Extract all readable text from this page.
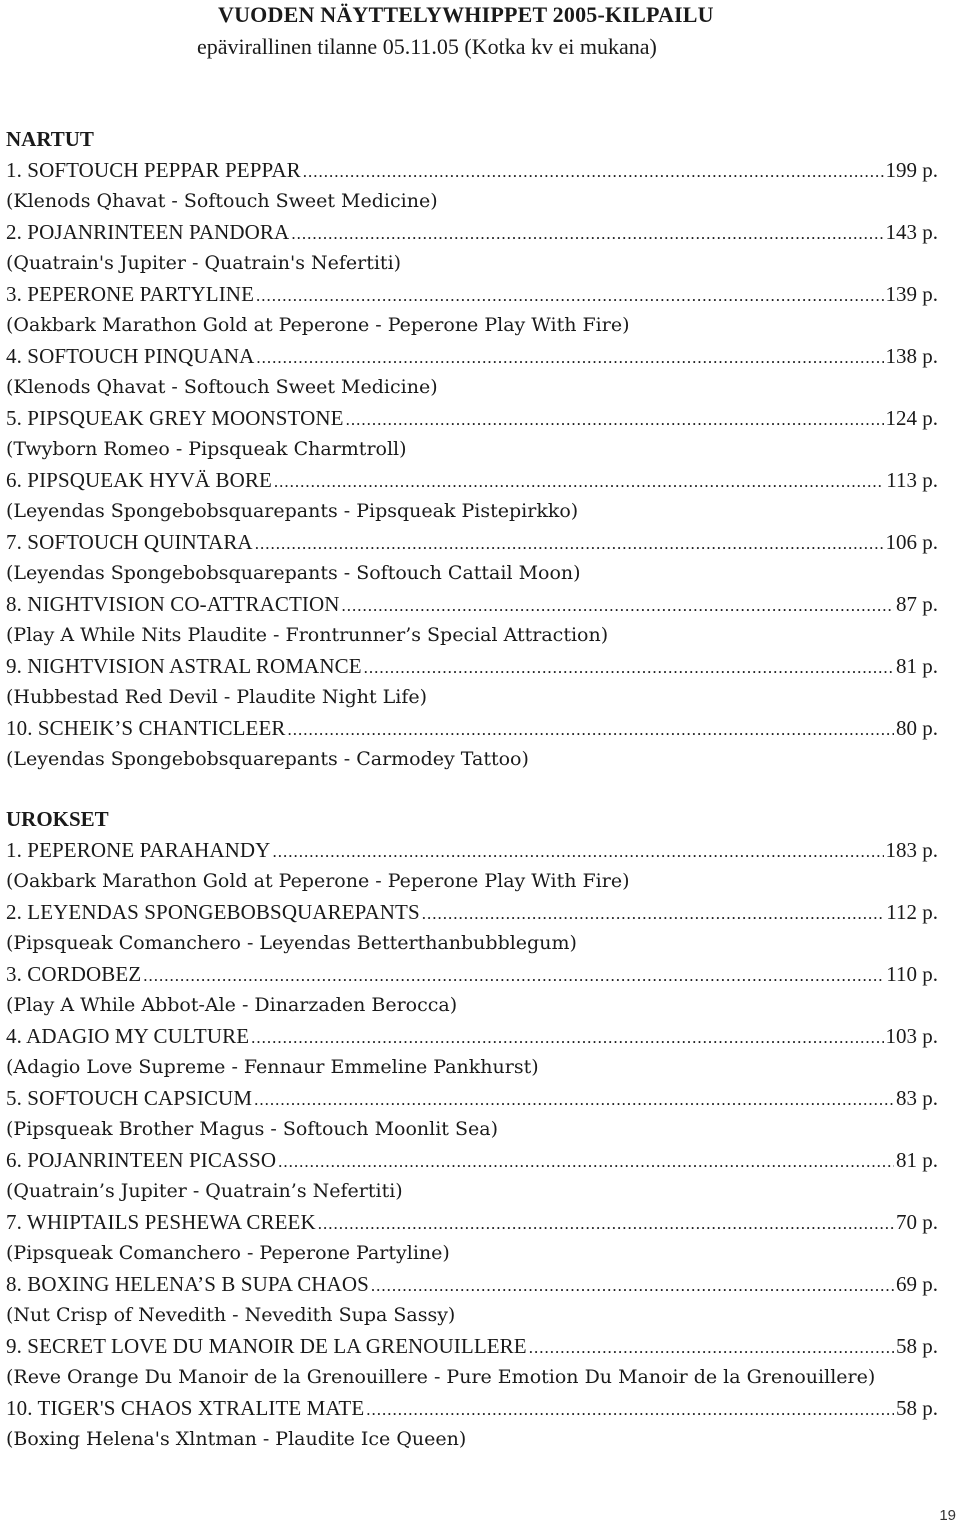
VUODEN NÄYTTELYWHIPPET 2005-KILPAILU
epävirallinen tilanne 05.11.05 (Kotka kv ei mukana)
NARTUT
1. SOFTOUCH PEPPAR PEPPAR .....	199 p.
(Klenods Qhavat - Softouch Sweet Medicine)
2. POJANRINTEEN PANDORA .....	143 p.
(Quatrain's Jupiter - Quatrain's Nefertiti)
3. PEPERONE PARTYLINE .....	139 p.
(Oakbark Marathon Gold at Peperone - Peperone Play With Fire)
4. SOFTOUCH PINQUANA .....	138 p.
(Klenods Qhavat - Softouch Sweet Medicine)
5. PIPSQUEAK GREY MOONSTONE .....	124 p.
(Twyborn Romeo - Pipsqueak Charmtroll)
6. PIPSQUEAK HYVÄ BORE .....	113 p.
(Leyendas Spongebobsquarepants - Pipsqueak Pistepirkko)
7. SOFTOUCH QUINTARA .....	106 p.
(Leyendas Spongebobsquarepants - Softouch Cattail Moon)
8. NIGHTVISION CO-ATTRACTION .....	87 p.
(Play A While Nits Plaudite - Frontrunner’s Special Attraction)
9. NIGHTVISION ASTRAL ROMANCE .....	81 p.
(Hubbestad Red Devil - Plaudite Night Life)
10. SCHEIK’S CHANTICLEER .....	80 p.
(Leyendas Spongebobsquarepants - Carmodey Tattoo)
UROKSET
1. PEPERONE PARAHANDY .....	183 p.
(Oakbark Marathon Gold at Peperone - Peperone Play With Fire)
2. LEYENDAS SPONGEBOBSQUAREPANTS .....	112 p.
(Pipsqueak Comanchero - Leyendas Betterthanbubblegum)
3. CORDOBEZ .....	110 p.
(Play A While Abbot-Ale - Dinarzaden Berocca)
4. ADAGIO MY CULTURE .....	103 p.
(Adagio Love Supreme - Fennaur Emmeline Pankhurst)
5. SOFTOUCH CAPSICUM .....	83 p.
(Pipsqueak Brother Magus - Softouch Moonlit Sea)
6. POJANRINTEEN PICASSO .....	81 p.
(Quatrain’s Jupiter - Quatrain’s Nefertiti)
7. WHIPTAILS PESHEWA CREEK .....	70 p.
(Pipsqueak Comanchero - Peperone Partyline)
8. BOXING HELENA’S B SUPA CHAOS .....	69 p.
(Nut Crisp of Nevedith - Nevedith Supa Sassy)
9. SECRET LOVE DU MANOIR DE LA GRENOUILLERE .....	58 p.
(Reve Orange Du Manoir de la Grenouillere - Pure Emotion Du Manoir de la Grenouillere)
10. TIGER'S CHAOS XTRALITE MATE .....	58 p.
(Boxing Helena's Xlntman - Plaudite Ice Queen)
19
